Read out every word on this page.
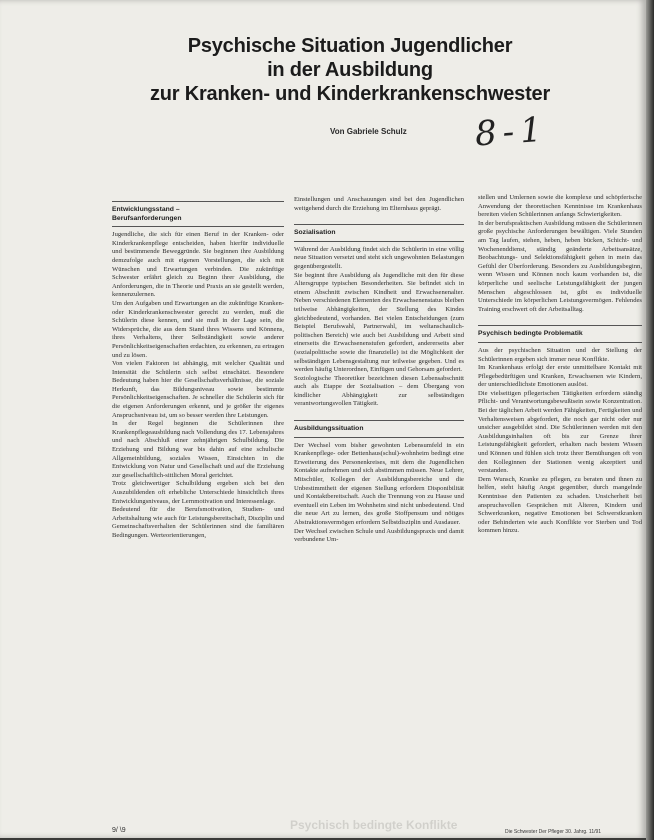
Psychische Situation Jugendlicher
in der Ausbildung
zur Kranken- und Kinderkrankenschwester
Von Gabriele Schulz 8-1

Entwicklungsstand –
Berufsanforderungen

Jugendliche, die sich für einen Beruf in der Kranken- oder Kinderkrankenpflege entscheiden, haben hierfür individuelle und bestimmende Beweggründe. Sie beginnen ihre Ausbildung demzufolge auch mit eigenen Vorstellungen, die sich mit Wünschen und Erwartungen verbinden. Die zukünftige Schwester erfährt gleich zu Beginn ihrer Ausbildung, die Anforderungen, die in Theorie und Praxis an sie gestellt werden, kennenzulernen.

Um den Aufgaben und Erwartungen an die zukünftige Kranken- oder Kinderkrankenschwester gerecht zu werden, muß die Schülerin diese kennen, und sie muß in der Lage sein, die Widersprüche, die aus dem Stand ihres Wissens und Könnens, ihres Verhaltens, ihrer Selbständigkeit sowie anderer Persönlichkeitseigenschaften erdachten, zu erkennen, zu ertragen und zu lösen.

Von vielen Faktoren ist abhängig, mit welcher Qualität und Intensität die Schülerin sich selbst einschätzt. Besondere Bedeutung haben hier die Gesellschaftsverhältnisse, die soziale Herkunft, das Bildungsniveau sowie bestimmte Persönlichkeitseigenschaften. Je schneller die Schülerin sich für die eigenen Anforderungen erkennt, und je größer ihr eigenes Anspruchsniveau ist, um so besser werden ihre Leistungen.

In der Regel beginnen die Schülerinnen ihre Krankenpflegeausbildung nach Vollendung des 17. Lebensjahres und nach Abschluß einer zehnjährigen Schulbildung. Die Erziehung und Bildung war bis dahin auf eine schulische Allgemeinbildung, soziales Wissen, Einsichten in die Entwicklung von Natur und Gesellschaft und auf die Erziehung zur gesellschaftlich-sittlichen Moral gerichtet.

Trotz gleichwertiger Schulbildung ergeben sich bei den Auszubildenden oft erhebliche Unterschiede hinsichtlich ihres Entwicklungsniveaus, der Lernmotivation und Interessenlage.

Bedeutend für die Berufsmotivation, Studien- und Arbeitshaltung wie auch für Leistungsbereitschaft, Disziplin und Gemeinschaftsverhalten der Schülerinnen sind die familiären Bedingungen. Werteorientierungen,

Einstellungen und Anschauungen sind bei den Jugendlichen weitgehend durch die Erziehung im Elternhaus geprägt.

Sozialisation

Während der Ausbildung findet sich die Schülerin in eine völlig neue Situation versetzt und steht sich ungewohnten Belastungen gegenübergestellt.

Sie beginnt ihre Ausbildung als Jugendliche mit den für diese Altersgruppe typischen Besonderheiten. Sie befindet sich in einem Abschnitt zwischen Kindheit und Erwachsenenalter. Neben verschiedenen Elementen des Erwachsenenstatus bleiben teilweise Abhängigkeiten, der Stellung des Kindes gleichbedeutend, vorhanden. Bei vielen Entscheidungen (zum Beispiel Berufswahl, Partnerwahl, im weltanschaulich-politischen Bereich) wie auch bei Ausbildung und Arbeit sind einerseits die Erwachsenenstufen gefordert, andererseits aber (sozialpolitische sowie die finanzielle) ist die Möglichkeit der selbständigen Lebensgestaltung nur teilweise gegeben. Und es werden häufig Unterordnen, Einfügen und Gehorsam gefordert.

Soziologische Theoretiker bezeichnen diesen Lebensabschnitt auch als Etappe der Sozialisation – dem Übergang von kindlicher Abhängigkeit zur selbständigen verantwortungsvollen Tätigkeit.

Ausbildungssituation

Der Wechsel vom bisher gewohnten Lebensumfeld in ein Krankenpflege- oder Bettenhaus(schul)-wohnheim bedingt eine Erweiterung des Personenkreises, mit dem die Jugendlichen Kontakte aufnehmen und sich abstimmen müssen. Neue Lehrer, Mitschüler, Kollegen der Ausbildungsbereiche und die Unbestimmtheit der eigenen Stellung erfordern Disponibilität und Kontaktbereitschaft. Auch die Trennung von zu Hause und eventuell ein Leben im Wohnheim sind nicht unbedeutend. Und die neue Art zu lernen, des große Stoffpensum und nötiges Abstraktionsvermögen erfordern Selbstdisziplin und Ausdauer.

Der Wechsel zwischen Schule und Ausbildungspraxis und damit verbundene Um-

stellen und Umlernen sowie die komplexe und schöpferische Anwendung der theoretischen Kenntnisse im Krankenhaus bereiten vielen Schülerinnen anfangs Schwierigkeiten.

In der berufspraktischen Ausbildung müssen die Schülerinnen große psychische Anforderungen bewältigen. Viele Stunden am Tag laufen, stehen, heben, heben bücken, Schicht- und Wochenenddienst, ständig geänderte Arbeitsansätze, Beobachtungs- und Selektionsfähigkeit gehen in mein das Gefühl der Überforderung. Besonders zu Ausbildungsbeginn, wenn Wissen und Können noch kaum vorhanden ist, die körperliche und seelische Leistungsfähigkeit der jungen Menschen abgeschlossen ist, gibt es individuelle Unterschiede im körperlichen Leistungsvermögen. Fehlendes Training erschwert oft der Arbeitsalltag.

Psychisch bedingte Problematik

Aus der psychischen Situation und der Stellung der Schülerinnen ergeben sich immer neue Konflikte.

Im Krankenhaus erfolgt der erste unmittelbare Kontakt mit Pflegebedürftigen und Kranken, Erwachsenen wie Kindern, der unterschiedlichste Emotionen auslöst.

Die vielseitigen pflegerischen Tätigkeiten erfordern ständig Pflicht- und Verantwortungsbewußtsein sowie Konzentration. Bei der täglichen Arbeit werden Fähigkeiten, Fertigkeiten und Verhaltensweisen abgefordert, die noch gar nicht oder nur unsicher ausgebildet sind. Die Schülerinnen werden mit den Ausbildungsinhalten oft bis zur Grenze ihrer Leistungsfähigkeit gefordert, erhalten nach bestem Wissen und Können und fühlen sich trotz ihrer Bemühungen oft von den Kolleginnen der Stationen wenig akzeptiert und verstanden.

Dem Wunsch, Kranke zu pflegen, zu beraten und ihnen zu helfen, steht häufig Angst gegenüber, durch mangelnde Kenntnisse den Patienten zu schaden. Unsicherheit bei anspruchsvollen Gesprächen mit Älteren, Kindern und Schwerkranken, negative Emotionen bei Schwerstkranken oder Behinderten wie auch Konflikte vor Sterben und Tod kommen hinzu.

Psychisch bedingte Konflikte
9/ \9	Die Schwester Der Pfleger 30. Jahrg. 11/91
